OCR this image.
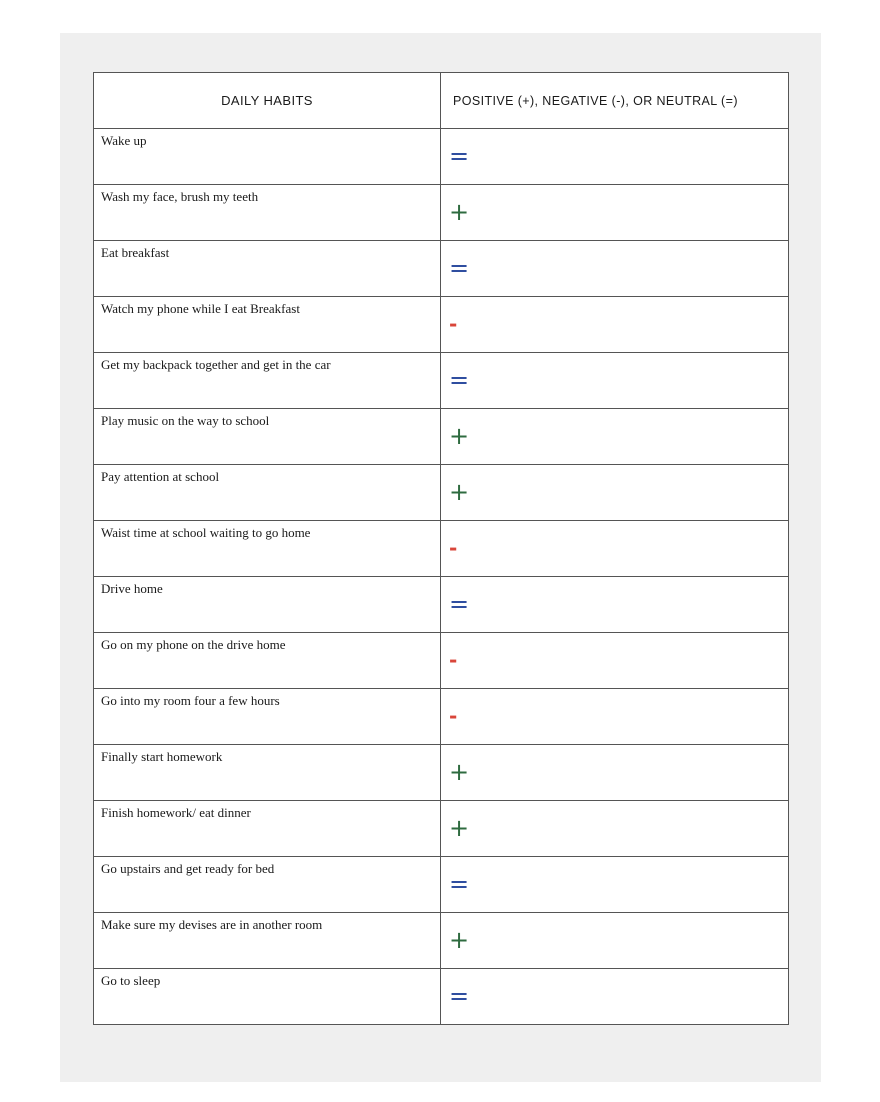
DAILY HABITS	POSITIVE (+), NEGATIVE (-), OR NEUTRAL (=)
Wake up	=
Wash my face, brush my teeth	+
Eat breakfast	=
Watch my phone while I eat Breakfast	-
Get my backpack together and get in the car	=
Play music on the way to school	+
Pay attention at school	+
Waist time at school waiting to go home	-
Drive home	=
Go on my phone on the drive home	-
Go into my room four a few hours	-
Finally start homework	+
Finish homework/ eat dinner	+
Go upstairs and get ready for bed	=
Make sure my devises are in another room	+
Go to sleep	=
